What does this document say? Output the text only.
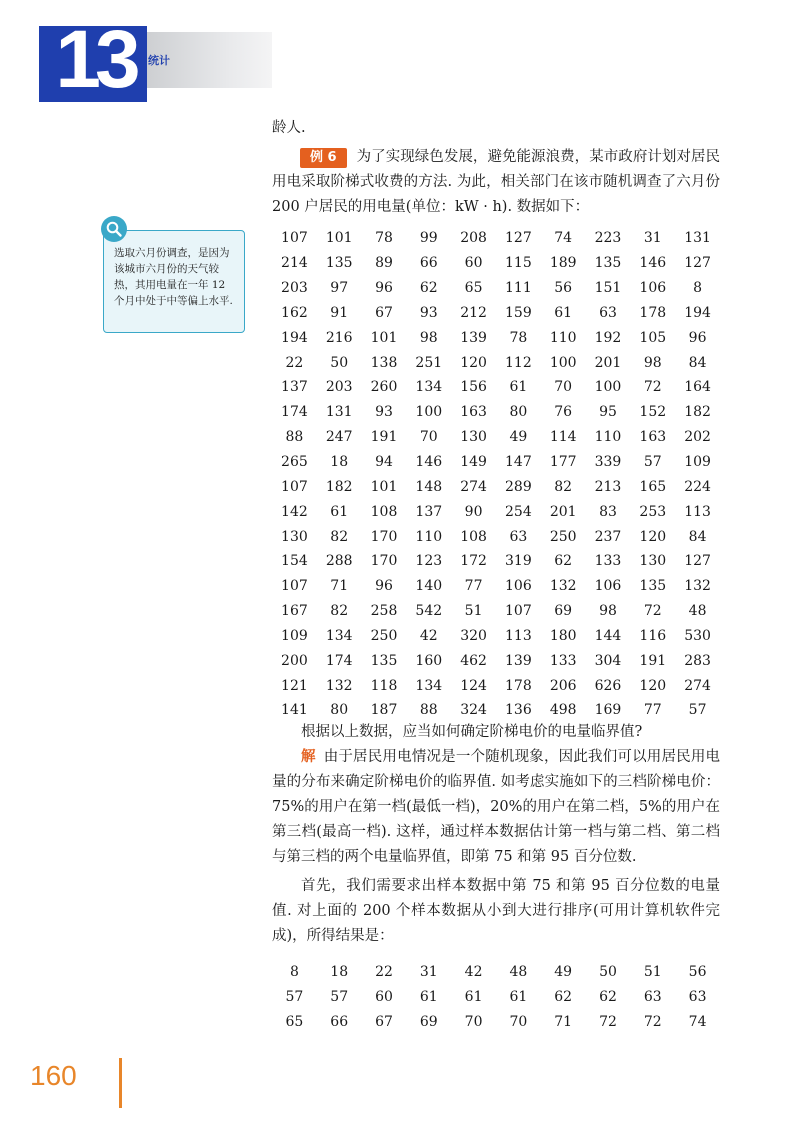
13	统计
选取六月份调查，是因为该城市六月份的天气较热，其用电量在一年 12 个月中处于中等偏上水平.

龄人.

例 6 为了实现绿色发展，避免能源浪费，某市政府计划对居民用电采取阶梯式收费的方法. 为此，相关部门在该市随机调查了六月份 200 户居民的用电量(单位：kW · h). 数据如下：

107	101	78	99	208	127	74	223	31	131
214	135	89	66	60	115	189	135	146	127
203	97	96	62	65	111	56	151	106	8
162	91	67	93	212	159	61	63	178	194
194	216	101	98	139	78	110	192	105	96
22	50	138	251	120	112	100	201	98	84
137	203	260	134	156	61	70	100	72	164
174	131	93	100	163	80	76	95	152	182
88	247	191	70	130	49	114	110	163	202
265	18	94	146	149	147	177	339	57	109
107	182	101	148	274	289	82	213	165	224
142	61	108	137	90	254	201	83	253	113
130	82	170	110	108	63	250	237	120	84
154	288	170	123	172	319	62	133	130	127
107	71	96	140	77	106	132	106	135	132
167	82	258	542	51	107	69	98	72	48
109	134	250	42	320	113	180	144	116	530
200	174	135	160	462	139	133	304	191	283
121	132	118	134	124	178	206	626	120	274
141	80	187	88	324	136	498	169	77	57

根据以上数据，应当如何确定阶梯电价的电量临界值?

解 由于居民用电情况是一个随机现象，因此我们可以用居民用电量的分布来确定阶梯电价的临界值. 如考虑实施如下的三档阶梯电价：75%的用户在第一档(最低一档)，20%的用户在第二档，5%的用户在第三档(最高一档). 这样，通过样本数据估计第一档与第二档、第二档与第三档的两个电量临界值，即第 75 和第 95 百分位数.

首先，我们需要求出样本数据中第 75 和第 95 百分位数的电量值. 对上面的 200 个样本数据从小到大进行排序(可用计算机软件完成)，所得结果是：

8	18	22	31	42	48	49	50	51	56
57	57	60	61	61	61	62	62	63	63
65	66	67	69	70	70	71	72	72	74
160
